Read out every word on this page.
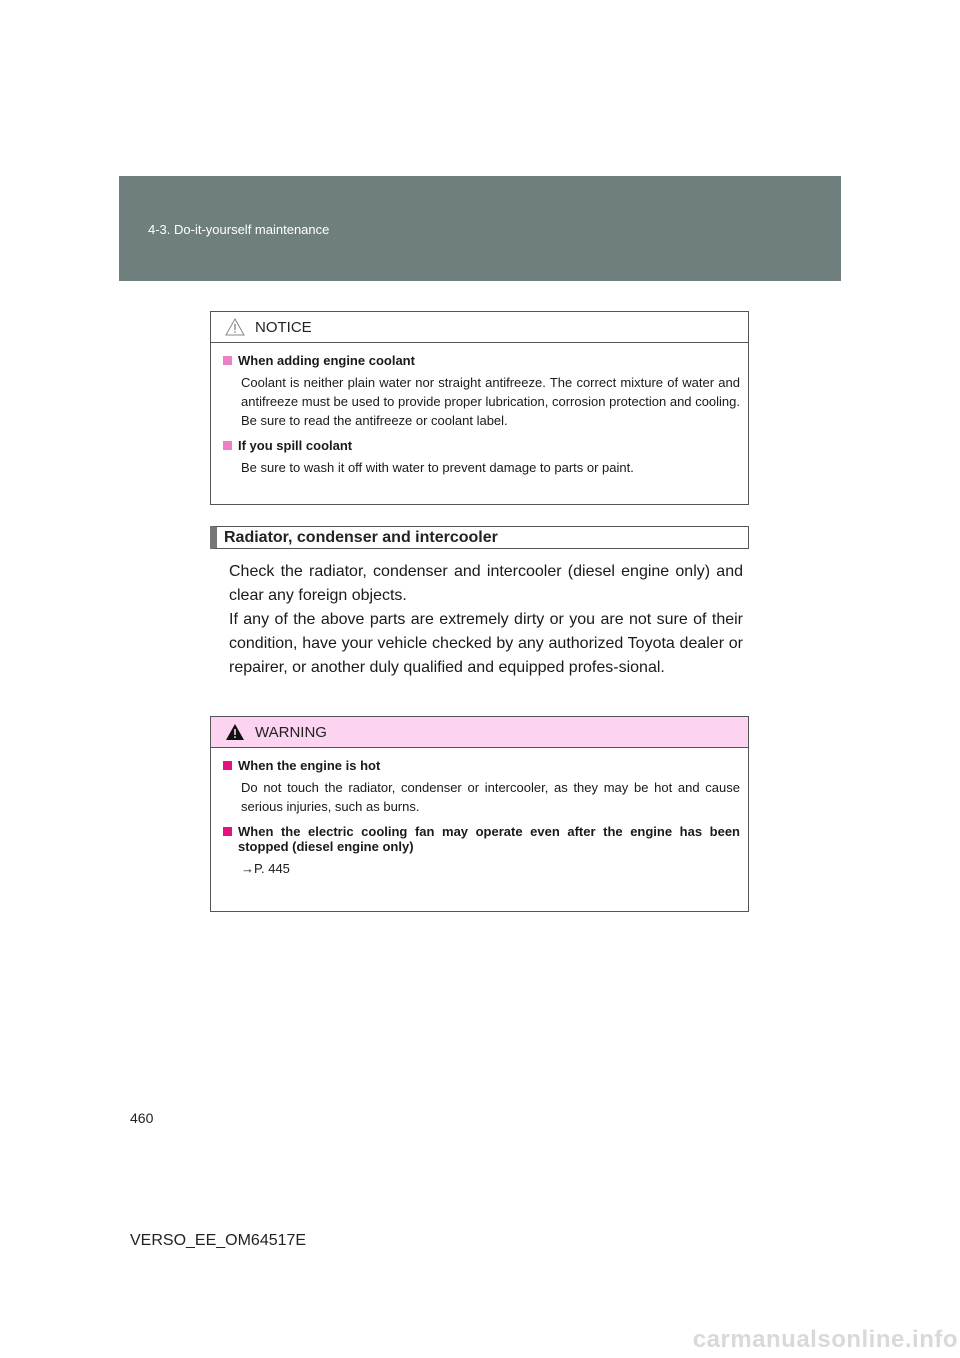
4-3. Do-it-yourself maintenance
NOTICE
When adding engine coolant

Coolant is neither plain water nor straight antifreeze. The correct mixture of water and antifreeze must be used to provide proper lubrication, corrosion protection and cooling. Be sure to read the antifreeze or coolant label.

If you spill coolant

Be sure to wash it off with water to prevent damage to parts or paint.

Radiator, condenser and intercooler

Check the radiator, condenser and intercooler (diesel engine only) and clear any foreign objects.

If any of the above parts are extremely dirty or you are not sure of their condition, have your vehicle checked by any authorized Toyota dealer or repairer, or another duly qualified and equipped profes-sional.

WARNING
When the engine is hot

Do not touch the radiator, condenser or intercooler, as they may be hot and cause serious injuries, such as burns.

When the electric cooling fan may operate even after the engine has been stopped (diesel engine only)

→P. 445

460
VERSO_EE_OM64517E
carmanualsonline.info
